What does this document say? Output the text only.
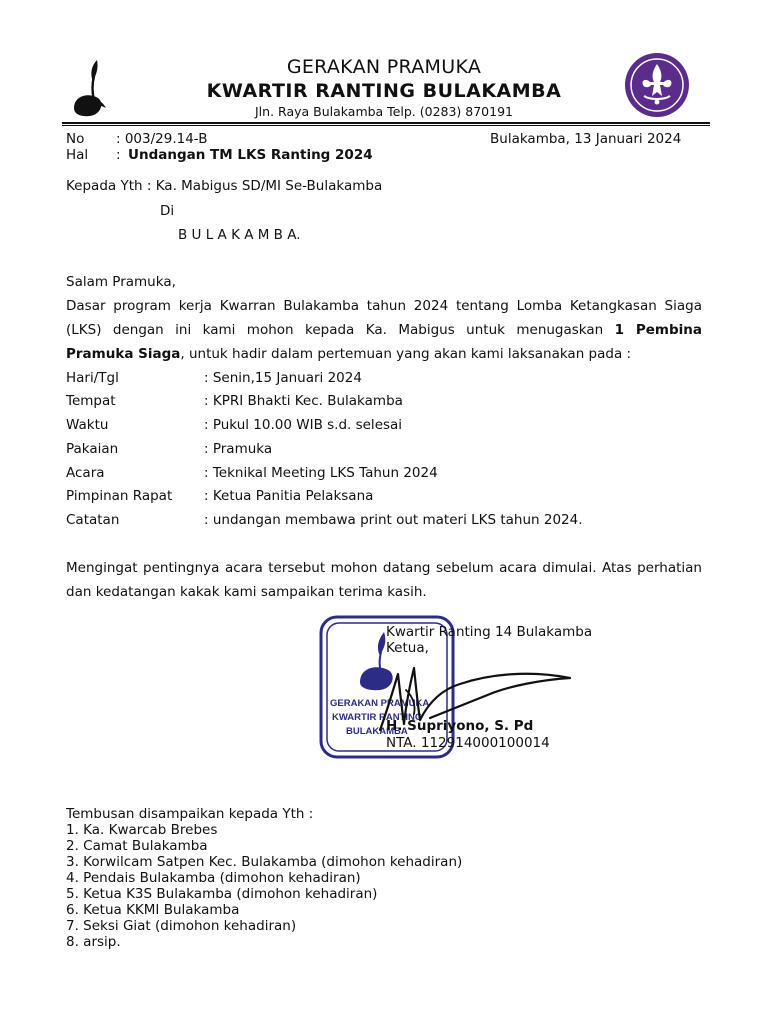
GERAKAN PRAMUKA
KWARTIR RANTING BULAKAMBA
Jln. Raya Bulakamba Telp. (0283) 870191
No : 003/29.14-B	Bulakamba, 13 Januari 2024
Hal : Undangan TM LKS Ranting 2024
Kepada Yth : Ka. Mabigus SD/MI Se-Bulakamba
Di
B U L A K A M B A.
Salam Pramuka,
Dasar program kerja Kwarran Bulakamba tahun 2024 tentang Lomba Ketangkasan Siaga
(LKS) dengan ini kami mohon kepada Ka. Mabigus untuk menugaskan 1 Pembina
Pramuka Siaga, untuk hadir dalam pertemuan yang akan kami laksanakan pada :
Hari/Tgl	: Senin,15 Januari 2024
Tempat	: KPRI Bhakti Kec. Bulakamba
Waktu	: Pukul 10.00 WIB s.d. selesai
Pakaian	: Pramuka
Acara	: Teknikal Meeting LKS Tahun 2024
Pimpinan Rapat : Ketua Panitia Pelaksana
Catatan	: undangan membawa print out materi LKS tahun 2024.
Mengingat pentingnya acara tersebut mohon datang sebelum acara dimulai. Atas perhatian
dan kedatangan kakak kami sampaikan terima kasih.
GERAKAN PRAMUKA
KWARTIR RANTING
BULAKAMBA
Kwartir Ranting 14 Bulakamba
Ketua,
H. Supriyono, S. Pd
NTA. 112914000100014
Tembusan disampaikan kepada Yth :
1. Ka. Kwarcab Brebes
2. Camat Bulakamba
3. Korwilcam Satpen Kec. Bulakamba (dimohon kehadiran)
4. Pendais Bulakamba (dimohon kehadiran)
5. Ketua K3S Bulakamba (dimohon kehadiran)
6. Ketua KKMI Bulakamba
7. Seksi Giat (dimohon kehadiran)
8. arsip.
